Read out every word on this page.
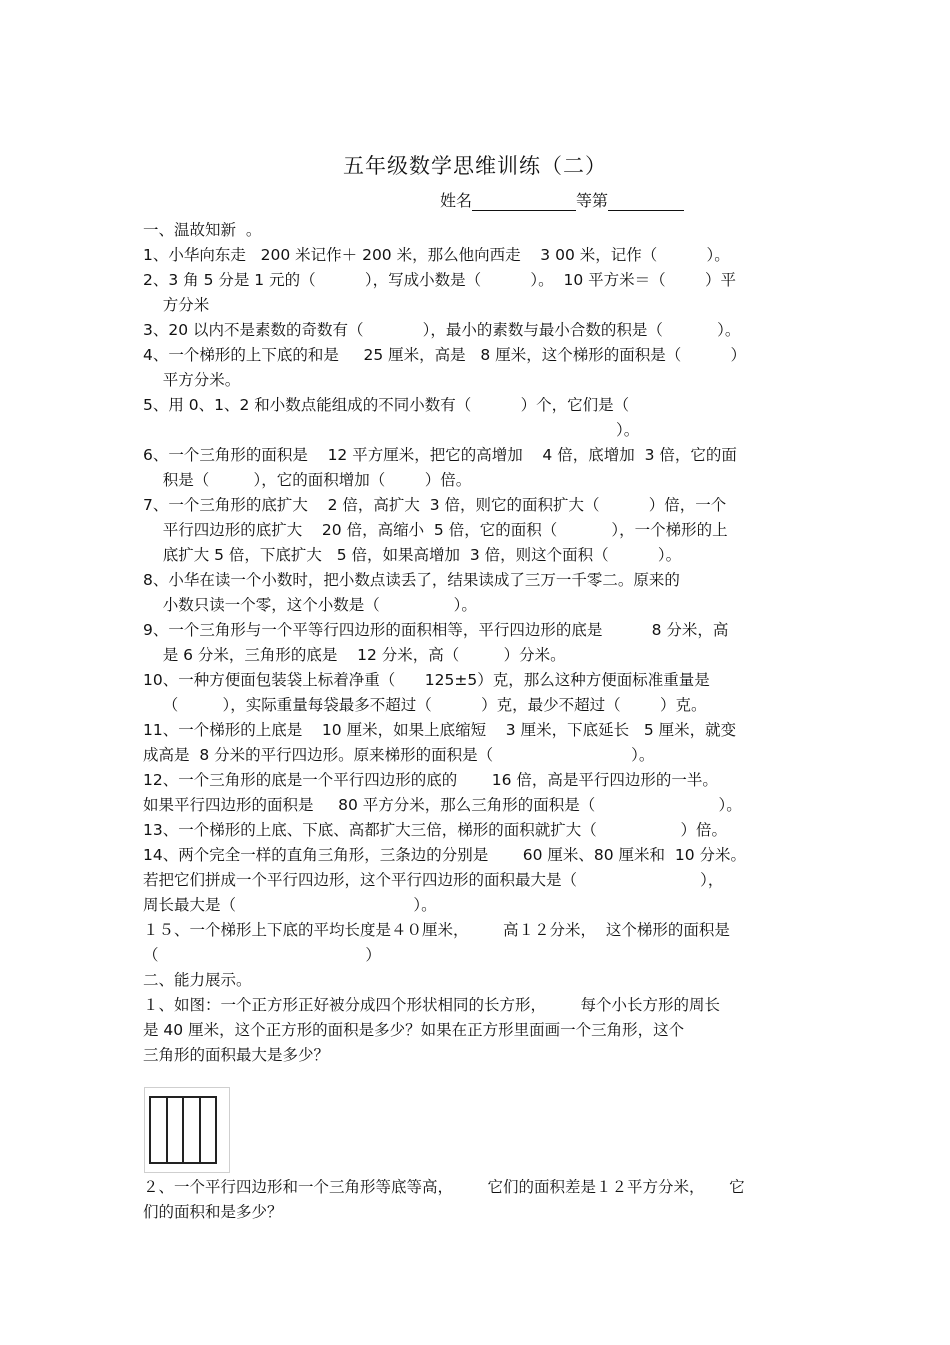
五年级数学思维训练（二）
姓名	等第
一、温故知新  。
1、小华向东走   200 米记作＋ 200 米，那么他向西走    3 00 米，记作（          ）。
2、3 角 5 分是 1 元的（          ），写成小数是（          ）。  10 平方米＝（        ）平
方分米
3、20 以内不是素数的奇数有（            ），最小的素数与最小合数的积是（           ）。
4、一个梯形的上下底的和是     25 厘米，高是   8 厘米，这个梯形的面积是（          ）
平方分米。
5、用 0、1、2 和小数点能组成的不同小数有（          ）个，它们是（
）。
6、一个三角形的面积是    12 平方厘米，把它的高增加    4 倍，底增加  3 倍，它的面
积是（         ），它的面积增加（        ）倍。
7、一个三角形的底扩大    2 倍，高扩大  3 倍，则它的面积扩大（          ）倍，一个
平行四边形的底扩大    20 倍，高缩小  5 倍，它的面积（           ），一个梯形的上
底扩大 5 倍，下底扩大   5 倍，如果高增加  3 倍，则这个面积（          ）。
8、小华在读一个小数时，把小数点读丢了，结果读成了三万一千零二。原来的
小数只读一个零，这个小数是（               ）。
9、一个三角形与一个平等行四边形的面积相等，平行四边形的底是          8 分米，高
是 6 分米，三角形的底是    12 分米，高（         ）分米。
10、一种方便面包装袋上标着净重（      125±5）克，那么这种方便面标准重量是
（         ），实际重量每袋最多不超过（          ）克，最少不超过（        ）克。
11、一个梯形的上底是    10 厘米，如果上底缩短    3 厘米，下底延长   5 厘米，就变
成高是  8 分米的平行四边形。原来梯形的面积是（                            ）。
12、一个三角形的底是一个平行四边形的底的       16 倍，高是平行四边形的一半。
如果平行四边形的面积是     80 平方分米，那么三角形的面积是（                         ）。
13、一个梯形的上底、下底、高都扩大三倍，梯形的面积就扩大（                 ）倍。
14、两个完全一样的直角三角形，三条边的分别是       60 厘米、80 厘米和  10 分米。
若把它们拼成一个平行四边形，这个平行四边形的面积最大是（                         ），
周长最大是（                                    ）。
１５、一个梯形上下底的平均长度是４０厘米，       高１２分米，  这个梯形的面积是
（                                          ）
二、能力展示。
１、如图：一个正方形正好被分成四个形状相同的长方形，       每个小长方形的周长
是 40 厘米，这个正方形的面积是多少？如果在正方形里面画一个三角形，这个
三角形的面积最大是多少？
２、一个平行四边形和一个三角形等底等高，       它们的面积差是１２平方分米，     它
们的面积和是多少？
